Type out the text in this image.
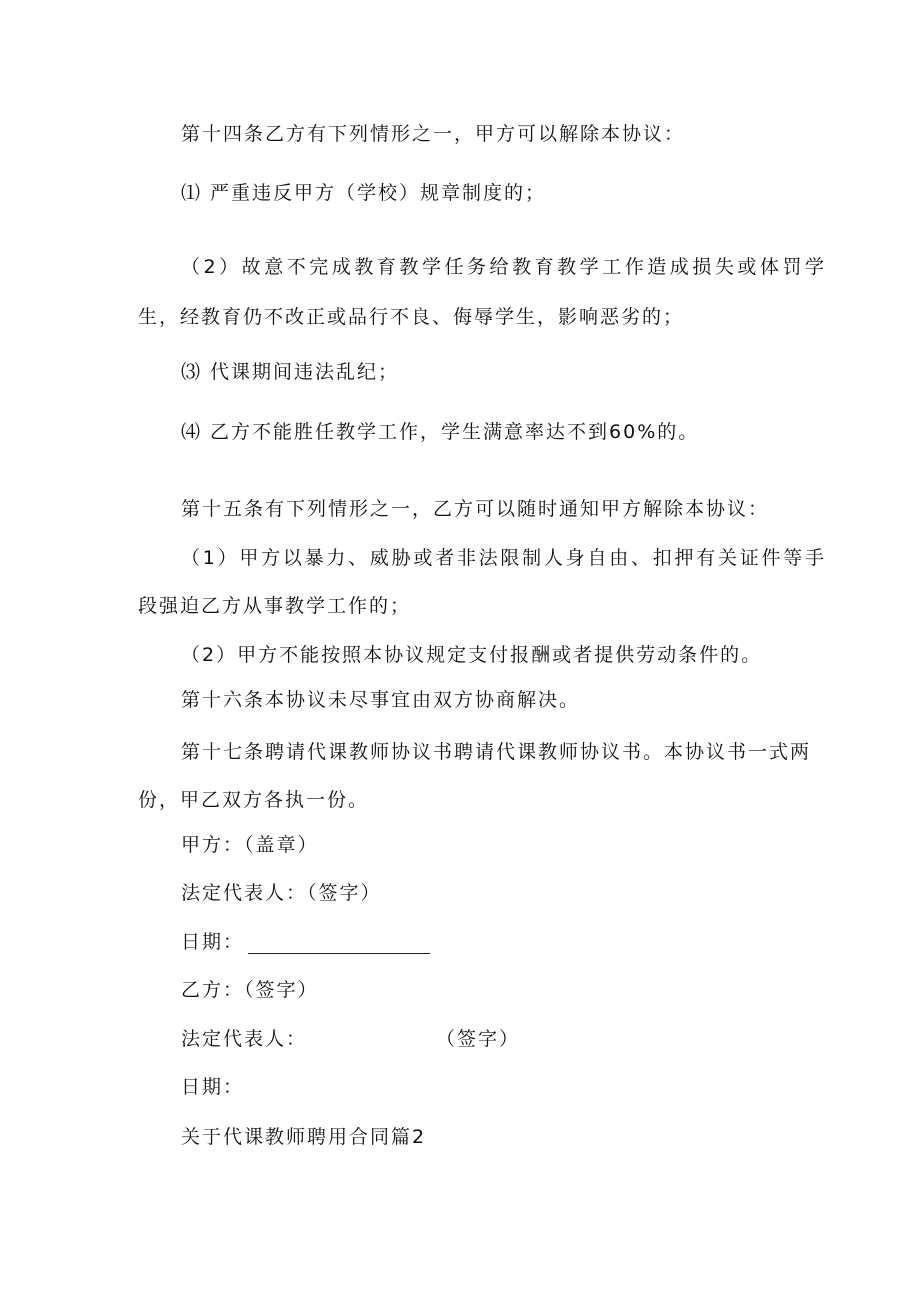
第十四条乙方有下列情形之一，甲方可以解除本协议：
⑴ 严重违反甲方（学校）规章制度的；
（2）故意不完成教育教学任务给教育教学工作造成损失或体罚学
生，经教育仍不改正或品行不良、侮辱学生，影响恶劣的；
⑶ 代课期间违法乱纪；
⑷ 乙方不能胜任教学工作，学生满意率达不到60%的。
第十五条有下列情形之一，乙方可以随时通知甲方解除本协议：
（1）甲方以暴力、威胁或者非法限制人身自由、扣押有关证件等手
段强迫乙方从事教学工作的；
（2）甲方不能按照本协议规定支付报酬或者提供劳动条件的。
第十六条本协议未尽事宜由双方协商解决。
第十七条聘请代课教师协议书聘请代课教师协议书。本协议书一式两
份，甲乙双方各执一份。
甲方：（盖章）
法定代表人：（签字）
日期：
乙方：（签字）
法定代表人：	（签字）
日期：
关于代课教师聘用合同篇2
